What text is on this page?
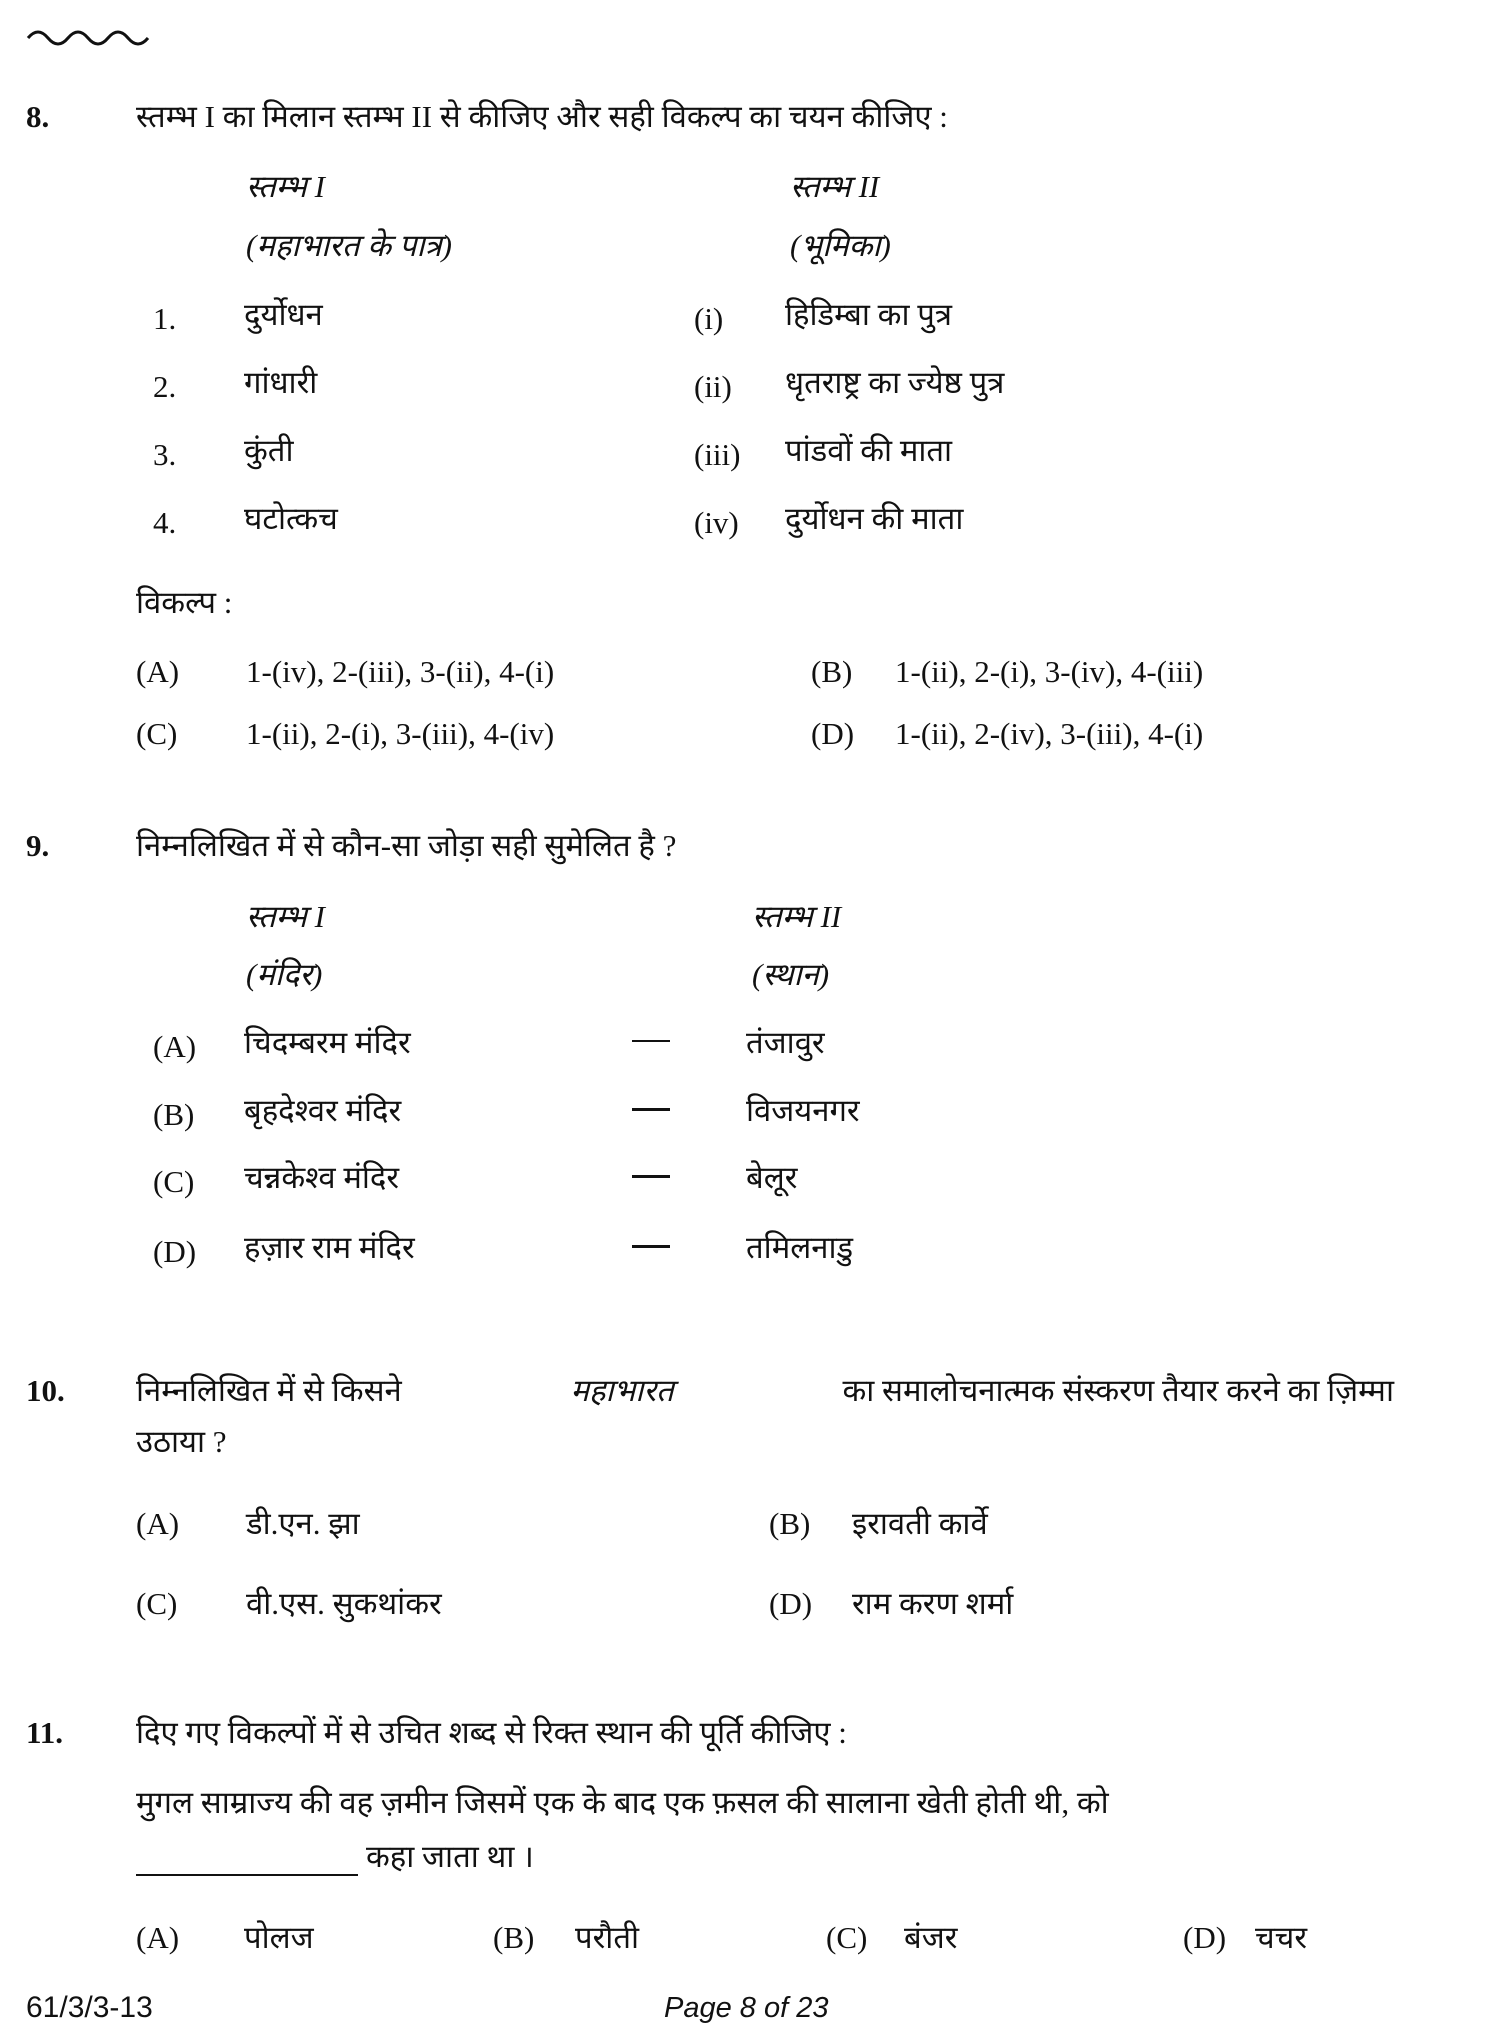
8.	स्तम्भ I का मिलान स्तम्भ II से कीजिए और सही विकल्प का चयन कीजिए :
स्तम्भ I
(महाभारत के पात्र)
स्तम्भ II
(भूमिका)
1. दुर्योधन	(i) हिडिम्बा का पुत्र
2. गांधारी	(ii) धृतराष्ट्र का ज्येष्ठ पुत्र
3. कुंती	(iii) पांडवों की माता
4. घटोत्कच	(iv) दुर्योधन की माता
विकल्प :
(A) 1-(iv), 2-(iii), 3-(ii), 4-(i)	(B) 1-(ii), 2-(i), 3-(iv), 4-(iii)
(C) 1-(ii), 2-(i), 3-(iii), 4-(iv)	(D) 1-(ii), 2-(iv), 3-(iii), 4-(i)
9.	निम्नलिखित में से कौन-सा जोड़ा सही सुमेलित है ?
स्तम्भ I
(मंदिर)
स्तम्भ II
(स्थान)
(A) चिदम्बरम मंदिर	तंजावुर
(B) बृहदेश्वर मंदिर	विजयनगर
(C) चन्नकेश्व मंदिर	बेलूर
(D) हज़ार राम मंदिर	तमिलनाडु
10. निम्नलिखित में से किसने	महाभारत	का समालोचनात्मक संस्करण तैयार करने का ज़िम्मा
उठाया ?
(A) डी.एन. झा	(B) इरावती कार्वे
(C) वी.एस. सुकथांकर	(D) राम करण शर्मा
11. दिए गए विकल्पों में से उचित शब्द से रिक्त स्थान की पूर्ति कीजिए :
मुगल साम्राज्य की वह ज़मीन जिसमें एक के बाद एक फ़सल की सालाना खेती होती थी, को
कहा जाता था ।
(A) पोलज	(B) परौती	(C) बंजर	(D) चचर
61/3/3-13	Page 8 of 23
